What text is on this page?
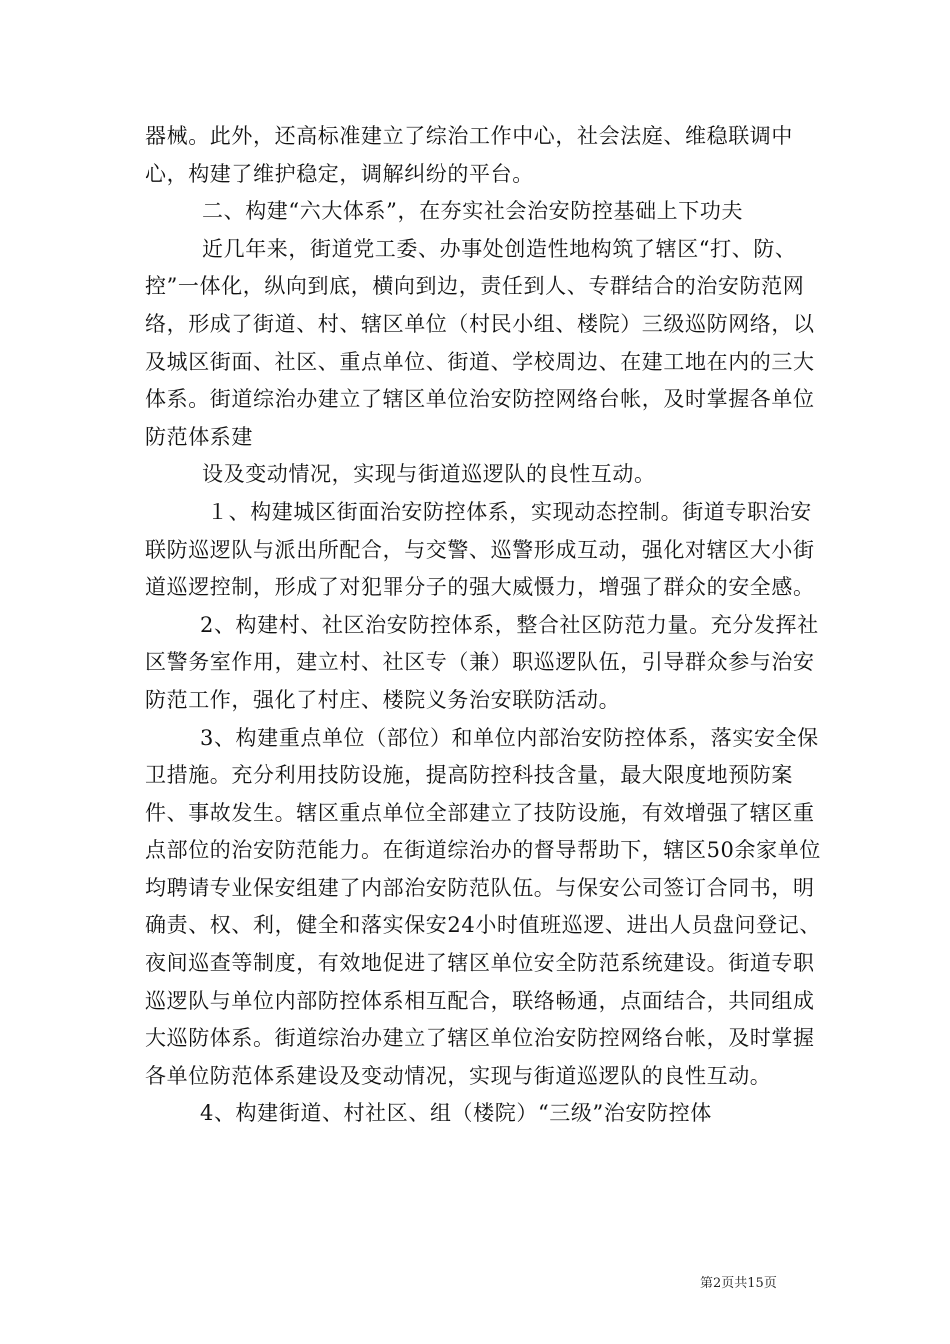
器械。此外，还高标准建立了综治工作中心，社会法庭、维稳联调中心，构建了维护稳定，调解纠纷的平台。

二、构建“六大体系”，在夯实社会治安防控基础上下功夫

近几年来，街道党工委、办事处创造性地构筑了辖区“打、防、控”一体化，纵向到底，横向到边，责任到人、专群结合的治安防范网络，形成了街道、村、辖区单位（村民小组、楼院）三级巡防网络，以及城区街面、社区、重点单位、街道、学校周边、在建工地在内的三大体系。街道综治办建立了辖区单位治安防控网络台帐，及时掌握各单位防范体系建

设及变动情况，实现与街道巡逻队的良性互动。

１、构建城区街面治安防控体系，实现动态控制。街道专职治安联防巡逻队与派出所配合，与交警、巡警形成互动，强化对辖区大小街道巡逻控制，形成了对犯罪分子的强大威慑力，增强了群众的安全感。

2、构建村、社区治安防控体系，整合社区防范力量。充分发挥社区警务室作用，建立村、社区专（兼）职巡逻队伍，引导群众参与治安防范工作，强化了村庄、楼院义务治安联防活动。

3、构建重点单位（部位）和单位内部治安防控体系，落实安全保卫措施。充分利用技防设施，提高防控科技含量，最大限度地预防案件、事故发生。辖区重点单位全部建立了技防设施，有效增强了辖区重点部位的治安防范能力。在街道综治办的督导帮助下，辖区50余家单位均聘请专业保安组建了内部治安防范队伍。与保安公司签订合同书，明确责、权、利，健全和落实保安24小时值班巡逻、进出人员盘问登记、夜间巡查等制度，有效地促进了辖区单位安全防范系统建设。街道专职巡逻队与单位内部防控体系相互配合，联络畅通，点面结合，共同组成大巡防体系。街道综治办建立了辖区单位治安防控网络台帐，及时掌握各单位防范体系建设及变动情况，实现与街道巡逻队的良性互动。

4、构建街道、村社区、组（楼院）“三级”治安防控体

第2页共15页
